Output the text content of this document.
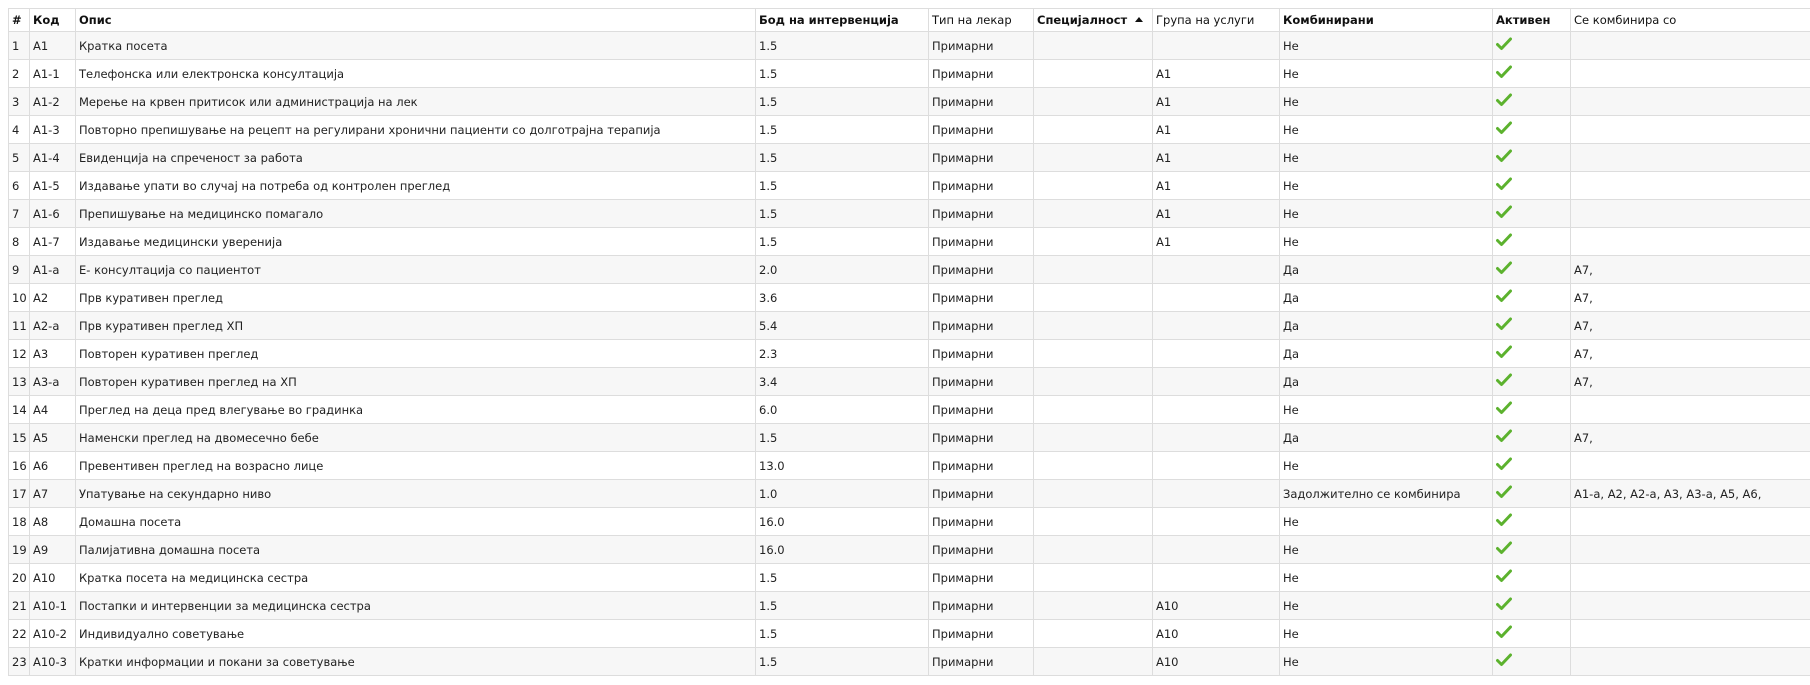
#	Код	Опис	Бод на интервенција	Тип на лекар	Специјалност	Група на услуги	Комбинирани	Активен	Се комбинира со
1	А1	Кратка посета	1.5	Примарни			Не		
2	А1-1	Телефонска или електронска консултација	1.5	Примарни		А1	Не		
3	А1-2	Мерење на крвен притисок или администрација на лек	1.5	Примарни		А1	Не		
4	А1-3	Повторно препишување на рецепт на регулирани хронични пациенти со долготрајна терапија	1.5	Примарни		А1	Не		
5	А1-4	Евиденција на спреченост за работа	1.5	Примарни		А1	Не		
6	А1-5	Издавање упати во случај на потреба од контролен преглед	1.5	Примарни		А1	Не		
7	А1-6	Препишување на медицинско помагало	1.5	Примарни		А1	Не		
8	А1-7	Издавање медицински уверенија	1.5	Примарни		А1	Не		
9	А1-а	Е- консултација со пациентот	2.0	Примарни			Да		А7,
10	А2	Прв куративен преглед	3.6	Примарни			Да		А7,
11	А2-а	Прв куративен преглед ХП	5.4	Примарни			Да		А7,
12	А3	Повторен куративен преглед	2.3	Примарни			Да		А7,
13	А3-а	Повторен куративен преглед на ХП	3.4	Примарни			Да		А7,
14	А4	Преглед на деца пред влегување во градинка	6.0	Примарни			Не		
15	А5	Наменски преглед на двомесечно бебе	1.5	Примарни			Да		А7,
16	А6	Превентивен преглед на возрасно лице	13.0	Примарни			Не		
17	А7	Упатување на секундарно ниво	1.0	Примарни			Задолжително се комбинира		А1-а, А2, А2-а, А3, А3-а, А5, А6,
18	А8	Домашна посета	16.0	Примарни			Не		
19	А9	Палијативна домашна посета	16.0	Примарни			Не		
20	А10	Кратка посета на медицинска сестра	1.5	Примарни			Не		
21	А10-1	Постапки и интервенции за медицинска сестра	1.5	Примарни		А10	Не		
22	А10-2	Индивидуално советување	1.5	Примарни		А10	Не		
23	А10-3	Кратки информации и покани за советување	1.5	Примарни		А10	Не		
